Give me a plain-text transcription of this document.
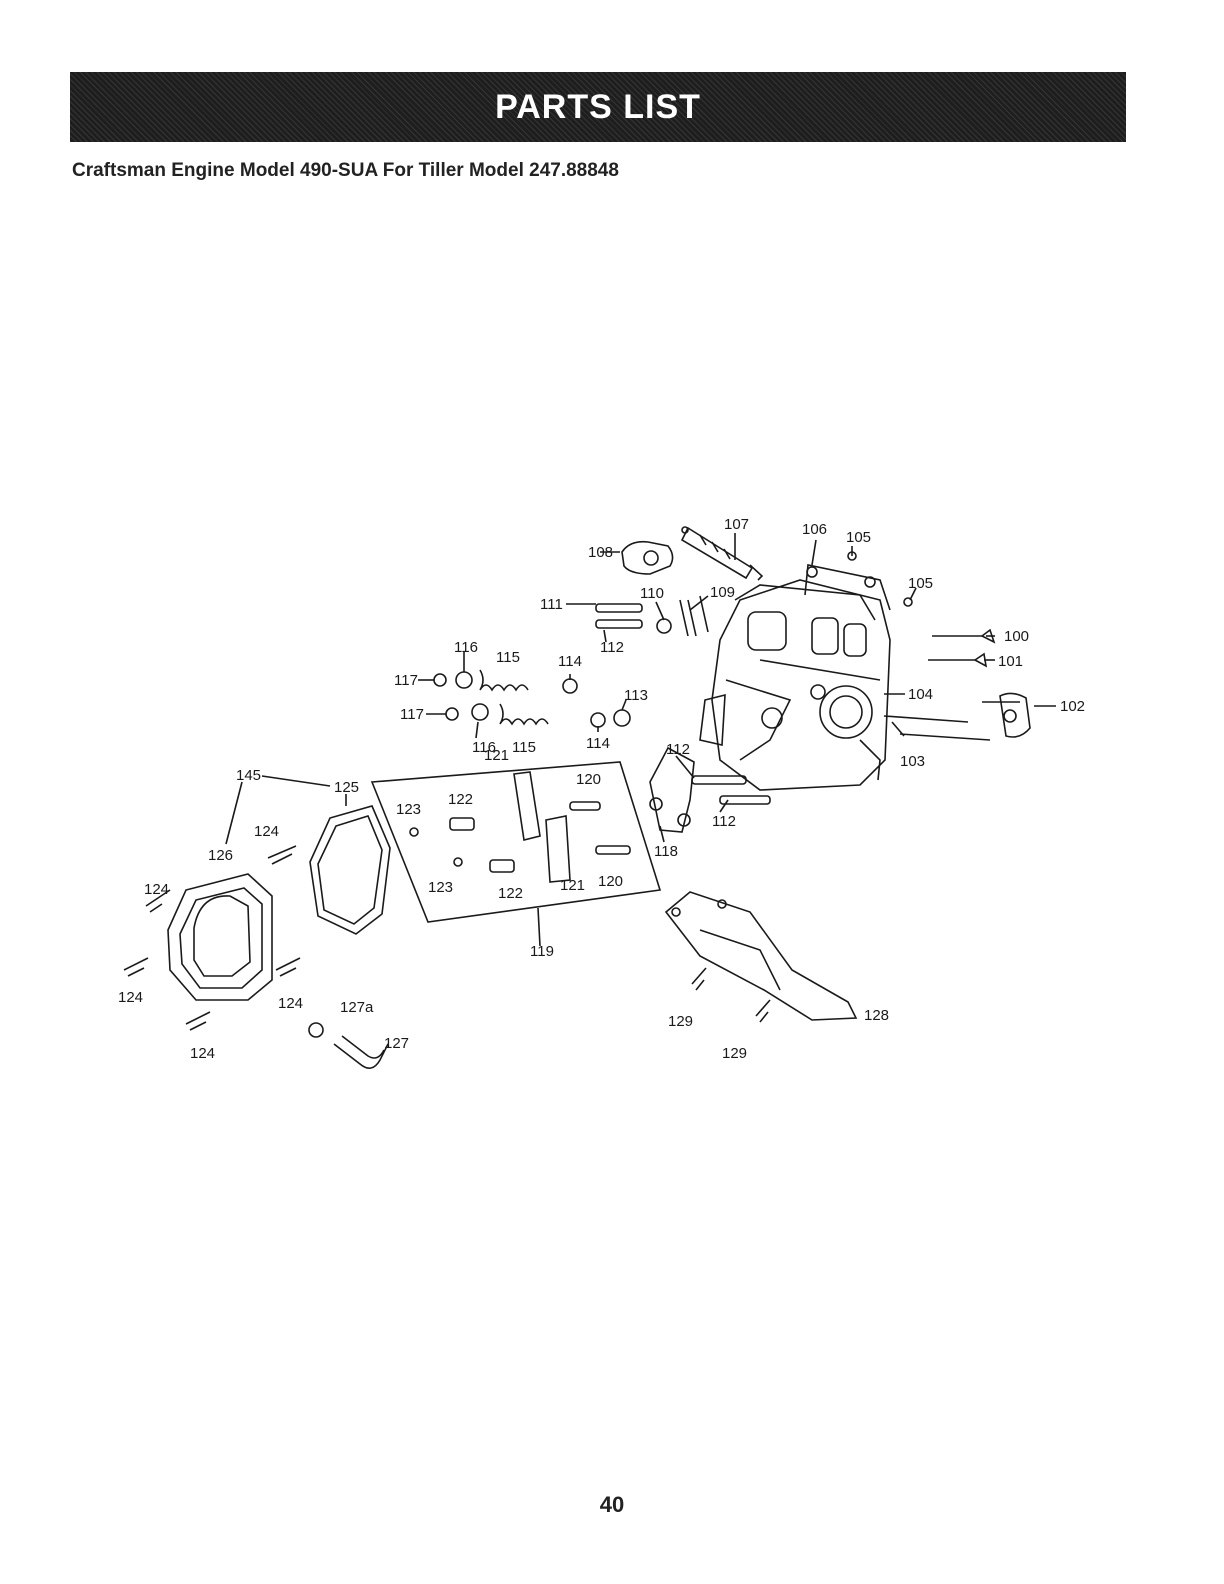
PARTS LIST
Craftsman Engine Model 490-SUA For Tiller Model 247.88848
100
101
102
103
104
105
105
106
107
108
109
110
111
112
112
112
113
114
114
115
115
116
116
117
117
118
119
120
120
121
121
122
122
123
123
124
124
124	124
124
125
126
127
127a	128
129
129
145
40
